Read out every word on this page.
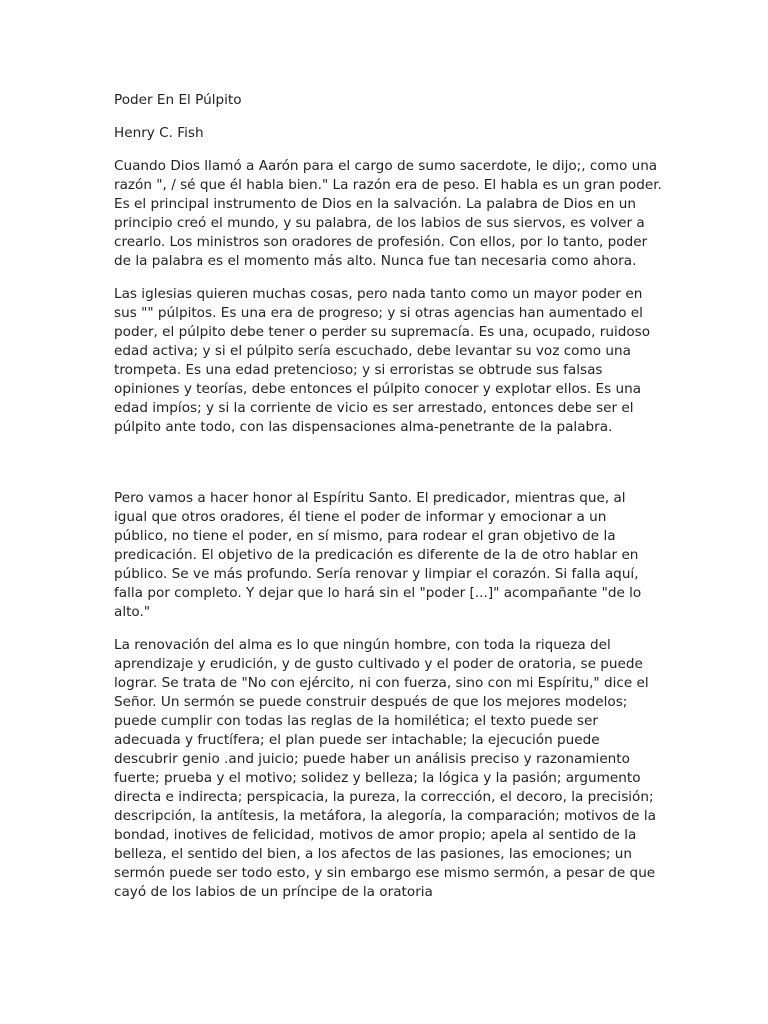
Poder En El Púlpito
Henry C. Fish

Cuando Dios llamó a Aarón para el cargo de sumo sacerdote, le dijo;, como una razón ", / sé que él habla bien." La razón era de peso. El habla es un gran poder. Es el principal instrumento de Dios en la salvación. La palabra de Dios en un principio creó el mundo, y su palabra, de los labios de sus siervos, es volver a crearlo. Los ministros son oradores de profesión. Con ellos, por lo tanto, poder de la palabra es el momento más alto. Nunca fue tan necesaria como ahora.

Las iglesias quieren muchas cosas, pero nada tanto como un mayor poder en sus "" púlpitos. Es una era de progreso; y si otras agencias han aumentado el poder, el púlpito debe tener o perder su supremacía. Es una, ocupado, ruidoso edad activa; y si el púlpito sería escuchado, debe levantar su voz como una trompeta. Es una edad pretencioso; y si erroristas se obtrude sus falsas opiniones y teorías, debe entonces el púlpito conocer y explotar ellos. Es una edad impíos; y si la corriente de vicio es ser arrestado, entonces debe ser el púlpito ante todo, con las dispensaciones alma-penetrante de la palabra.

Pero vamos a hacer honor al Espíritu Santo. El predicador, mientras que, al igual que otros oradores, él tiene el poder de informar y emocionar a un público, no tiene el poder, en sí mismo, para rodear el gran objetivo de la predicación. El objetivo de la predicación es diferente de la de otro hablar en público. Se ve más profundo. Sería renovar y limpiar el corazón. Si falla aquí, falla por completo. Y dejar que lo hará sin el "poder [...]" acompañante "de lo alto."

La renovación del alma es lo que ningún hombre, con toda la riqueza del aprendizaje y erudición, y de gusto cultivado y el poder de oratoria, se puede lograr. Se trata de "No con ejército, ni con fuerza, sino con mi Espíritu," dice el Señor. Un sermón se puede construir después de que los mejores modelos; puede cumplir con todas las reglas de la homilética; el texto puede ser adecuada y fructífera; el plan puede ser intachable; la ejecución puede descubrir genio .and juicio; puede haber un análisis preciso y razonamiento fuerte; prueba y el motivo; solidez y belleza; la lógica y la pasión; argumento directa e indirecta; perspicacia, la pureza, la corrección, el decoro, la precisión; descripción, la antítesis, la metáfora, la alegoría, la comparación; motivos de la bondad, inotives de felicidad, motivos de amor propio; apela al sentido de la belleza, el sentido del bien, a los afectos de las pasiones, las emociones; un sermón puede ser todo esto, y sin embargo ese mismo sermón, a pesar de que cayó de los labios de un príncipe de la oratoria
